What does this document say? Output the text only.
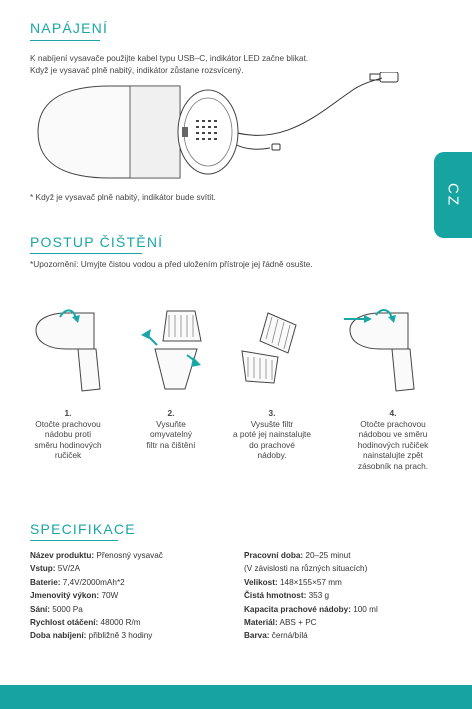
CZ
NAPÁJENÍ
K nabíjení vysavače použijte kabel typu USB–C, indikátor LED začne blikat.
Když je vysavač plně nabitý, indikátor zůstane rozsvícený.
* Když je vysavač plně nabitý, indikátor bude svítit.
POSTUP ČIŠTĚNÍ
*Upozornění: Umyjte čistou vodou a před uložením přístroje jej řádně osušte.
1.
Otočte prachovou
nádobu proti
směru hodinových
ručiček
2.
Vysuňte
omyvatelný
filtr na čištění
3.
Vysušte filtr
a poté jej nainstalujte
do prachové
nádoby.
4.
Otočte prachovou
nádobou ve směru
hodinových ručiček
nainstalujte zpět
zásobník na prach.
SPECIFIKACE
Název produktu: Přenosný vysavač
Vstup: 5V/2A
Baterie: 7,4V/2000mAh*2
Jmenovitý výkon: 70W
Sání: 5000 Pa
Rychlost otáčení: 48000 R/m
Doba nabíjení: přibližně 3 hodiny
Pracovní doba: 20–25 minut
(V závislosti na různých situacích)
Velikost: 148×155×57 mm
Čistá hmotnost: 353 g
Kapacita prachové nádoby: 100 ml
Materiál: ABS + PC
Barva: černá/bílá
